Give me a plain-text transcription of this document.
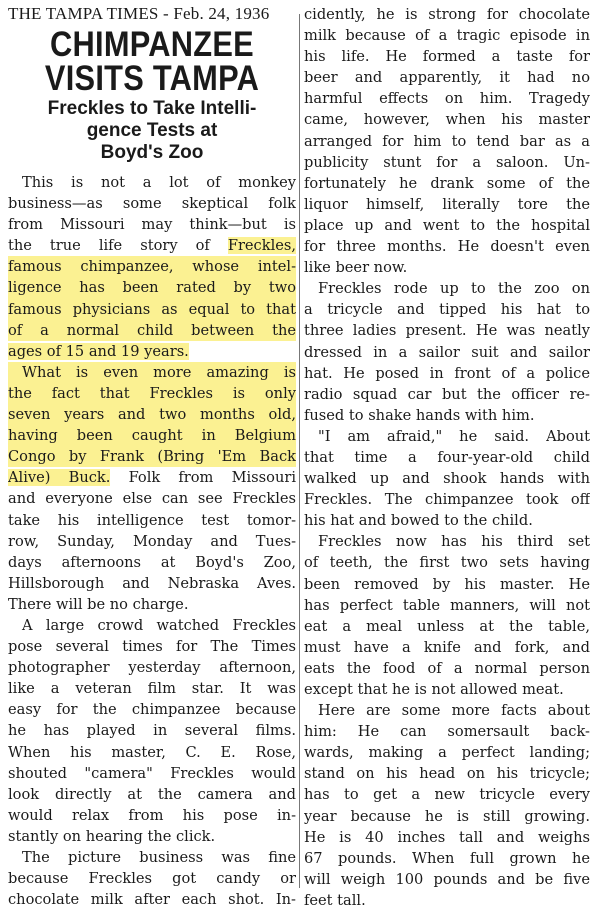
THE TAMPA TIMES - Feb. 24, 1936
CHIMPANZEE
VISITS TAMPA
Freckles to Take Intelli-
gence Tests at
Boyd's Zoo
This is not a lot of monkey
business—as some skeptical folk
from Missouri may think—but is
the true life story of Freckles,
famous chimpanzee, whose intel-
ligence has been rated by two
famous physicians as equal to that
of a normal child between the
ages of 15 and 19 years.
What is even more amazing is
the fact that Freckles is only
seven years and two months old,
having been caught in Belgium
Congo by Frank (Bring 'Em Back
Alive) Buck. Folk from Missouri
and everyone else can see Freckles
take his intelligence test tomor-
row, Sunday, Monday and Tues-
days afternoons at Boyd's Zoo,
Hillsborough and Nebraska Aves.
There will be no charge.
A large crowd watched Freckles
pose several times for The Times
photographer yesterday afternoon,
like a veteran film star. It was
easy for the chimpanzee because
he has played in several films.
When his master, C. E. Rose,
shouted "camera" Freckles would
look directly at the camera and
would relax from his pose in-
stantly on hearing the click.
The picture business was fine
because Freckles got candy or
chocolate milk after each shot. In-
cidently, he is strong for chocolate
milk because of a tragic episode in
his life. He formed a taste for
beer and apparently, it had no
harmful effects on him. Tragedy
came, however, when his master
arranged for him to tend bar as a
publicity stunt for a saloon. Un-
fortunately he drank some of the
liquor himself, literally tore the
place up and went to the hospital
for three months. He doesn't even
like beer now.
Freckles rode up to the zoo on
a tricycle and tipped his hat to
three ladies present. He was neatly
dressed in a sailor suit and sailor
hat. He posed in front of a police
radio squad car but the officer re-
fused to shake hands with him.
"I am afraid," he said. About
that time a four-year-old child
walked up and shook hands with
Freckles. The chimpanzee took off
his hat and bowed to the child.
Freckles now has his third set
of teeth, the first two sets having
been removed by his master. He
has perfect table manners, will not
eat a meal unless at the table,
must have a knife and fork, and
eats the food of a normal person
except that he is not allowed meat.
Here are some more facts about
him: He can somersault back-
wards, making a perfect landing;
stand on his head on his tricycle;
has to get a new tricycle every
year because he is still growing.
He is 40 inches tall and weighs
67 pounds. When full grown he
will weigh 100 pounds and be five
feet tall.
